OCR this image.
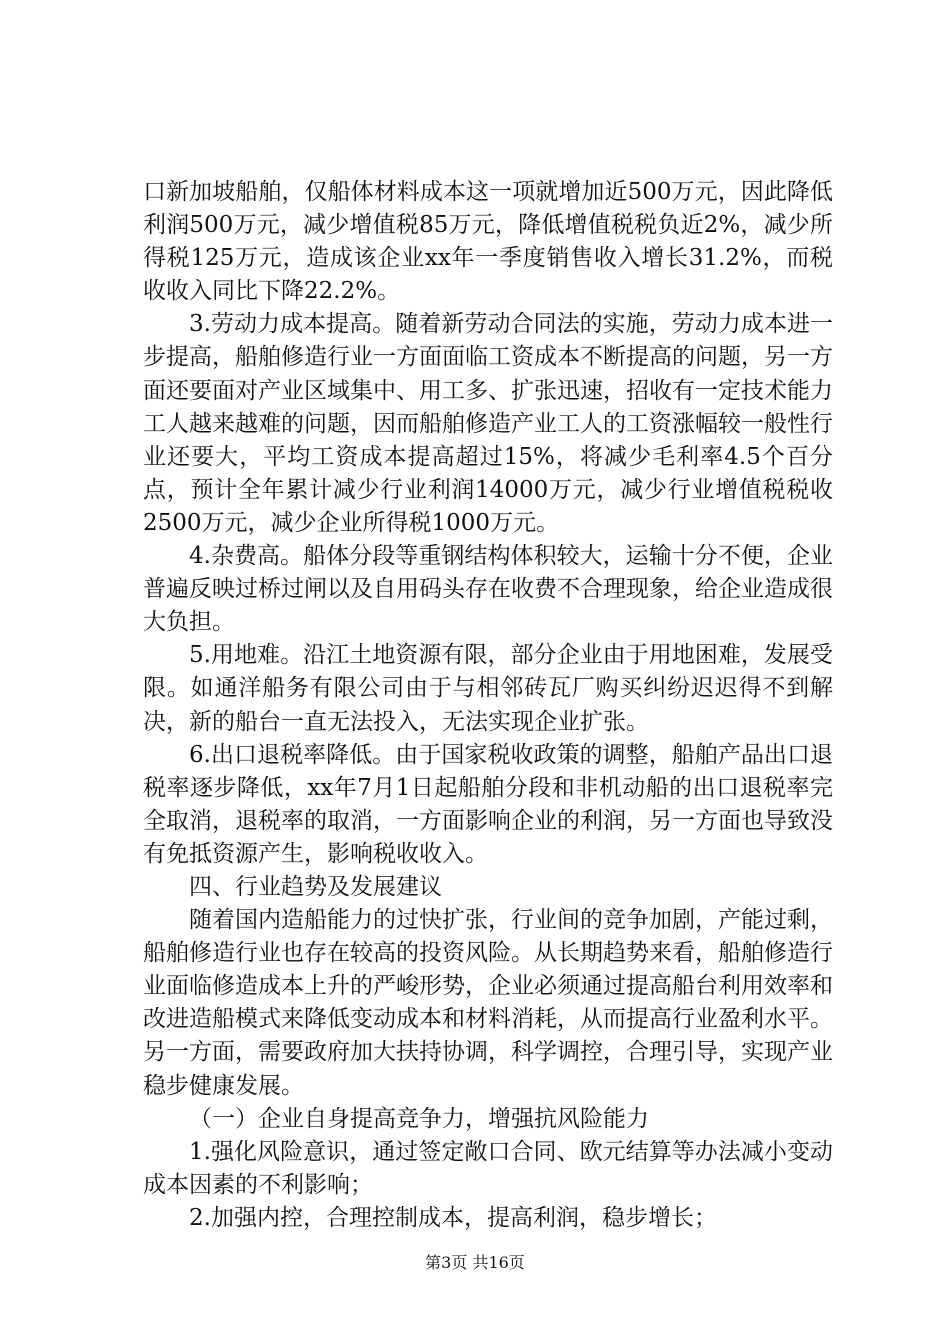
口新加坡船舶，仅船体材料成本这一项就增加近500万元，因此降低利润500万元，减少增值税85万元，降低增值税税负近2%，减少所得税125万元，造成该企业xx年一季度销售收入增长31.2%，而税收收入同比下降22.2%。

3.劳动力成本提高。随着新劳动合同法的实施，劳动力成本进一步提高，船舶修造行业一方面面临工资成本不断提高的问题，另一方面还要面对产业区域集中、用工多、扩张迅速，招收有一定技术能力工人越来越难的问题，因而船舶修造产业工人的工资涨幅较一般性行业还要大，平均工资成本提高超过15%，将减少毛利率4.5个百分点，预计全年累计减少行业利润14000万元，减少行业增值税税收2500万元，减少企业所得税1000万元。

4.杂费高。船体分段等重钢结构体积较大，运输十分不便，企业普遍反映过桥过闸以及自用码头存在收费不合理现象，给企业造成很大负担。

5.用地难。沿江土地资源有限，部分企业由于用地困难，发展受限。如通洋船务有限公司由于与相邻砖瓦厂购买纠纷迟迟得不到解决，新的船台一直无法投入，无法实现企业扩张。

6.出口退税率降低。由于国家税收政策的调整，船舶产品出口退税率逐步降低，xx年7月1日起船舶分段和非机动船的出口退税率完全取消，退税率的取消，一方面影响企业的利润，另一方面也导致没有免抵资源产生，影响税收收入。

四、行业趋势及发展建议

随着国内造船能力的过快扩张，行业间的竞争加剧，产能过剩，船舶修造行业也存在较高的投资风险。从长期趋势来看，船舶修造行业面临修造成本上升的严峻形势，企业必须通过提高船台利用效率和改进造船模式来降低变动成本和材料消耗，从而提高行业盈利水平。另一方面，需要政府加大扶持协调，科学调控，合理引导，实现产业稳步健康发展。

（一）企业自身提高竞争力，增强抗风险能力

1.强化风险意识，通过签定敞口合同、欧元结算等办法减小变动成本因素的不利影响；

2.加强内控，合理控制成本，提高利润，稳步增长；

第3页 共16页
